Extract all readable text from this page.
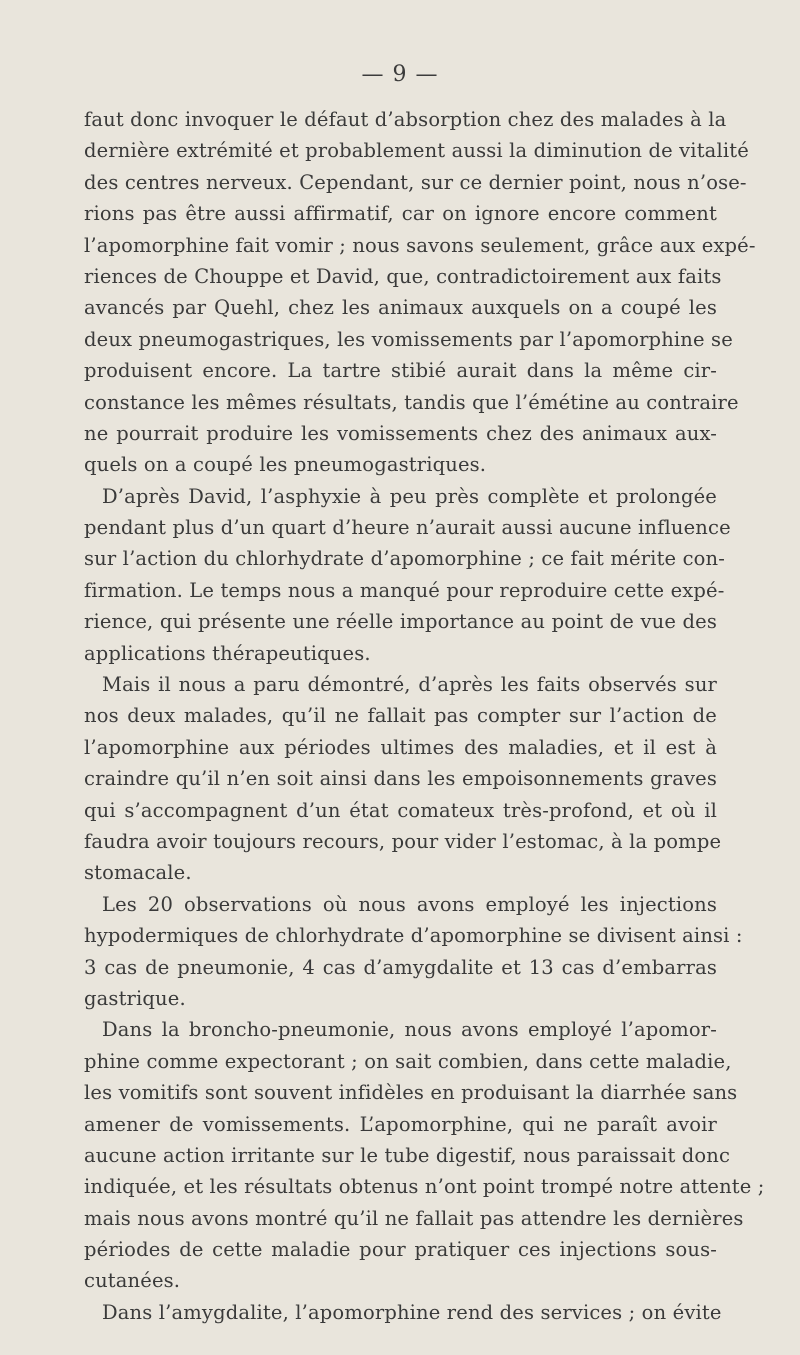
— 9 —
faut donc invoquer le défaut d’absorption chez des malades à la
dernière extrémité et probablement aussi la diminution de vitalité
des centres nerveux. Cependant, sur ce dernier point, nous n’ose-
rions pas être aussi affirmatif, car on ignore encore comment
l’apomorphine fait vomir ; nous savons seulement, grâce aux expé-
riences de Chouppe et David, que, contradictoirement aux faits
avancés par Quehl, chez les animaux auxquels on a coupé les
deux pneumogastriques, les vomissements par l’apomorphine se
produisent encore. La tartre stibié aurait dans la même cir-
constance les mêmes résultats, tandis que l’émétine au contraire
ne pourrait produire les vomissements chez des animaux aux-
quels on a coupé les pneumogastriques.
D’après David, l’asphyxie à peu près complète et prolongée
pendant plus d’un quart d’heure n’aurait aussi aucune influence
sur l’action du chlorhydrate d’apomorphine ; ce fait mérite con-
firmation. Le temps nous a manqué pour reproduire cette expé-
rience, qui présente une réelle importance au point de vue des
applications thérapeutiques.
Mais il nous a paru démontré, d’après les faits observés sur
nos deux malades, qu’il ne fallait pas compter sur l’action de
l’apomorphine aux périodes ultimes des maladies, et il est à
craindre qu’il n’en soit ainsi dans les empoisonnements graves
qui s’accompagnent d’un état comateux très-profond, et où il
faudra avoir toujours recours, pour vider l’estomac, à la pompe
stomacale.
Les 20 observations où nous avons employé les injections
hypodermiques de chlorhydrate d’apomorphine se divisent ainsi :
3 cas de pneumonie, 4 cas d’amygdalite et 13 cas d’embarras
gastrique.
Dans la broncho-pneumonie, nous avons employé l’apomor-
phine comme expectorant ; on sait combien, dans cette maladie,
les vomitifs sont souvent infidèles en produisant la diarrhée sans
amener de vomissements. L’apomorphine, qui ne paraît avoir
aucune action irritante sur le tube digestif, nous paraissait donc
indiquée, et les résultats obtenus n’ont point trompé notre attente ;
mais nous avons montré qu’il ne fallait pas attendre les dernières
périodes de cette maladie pour pratiquer ces injections sous-
cutanées.
Dans l’amygdalite, l’apomorphine rend des services ; on évite
